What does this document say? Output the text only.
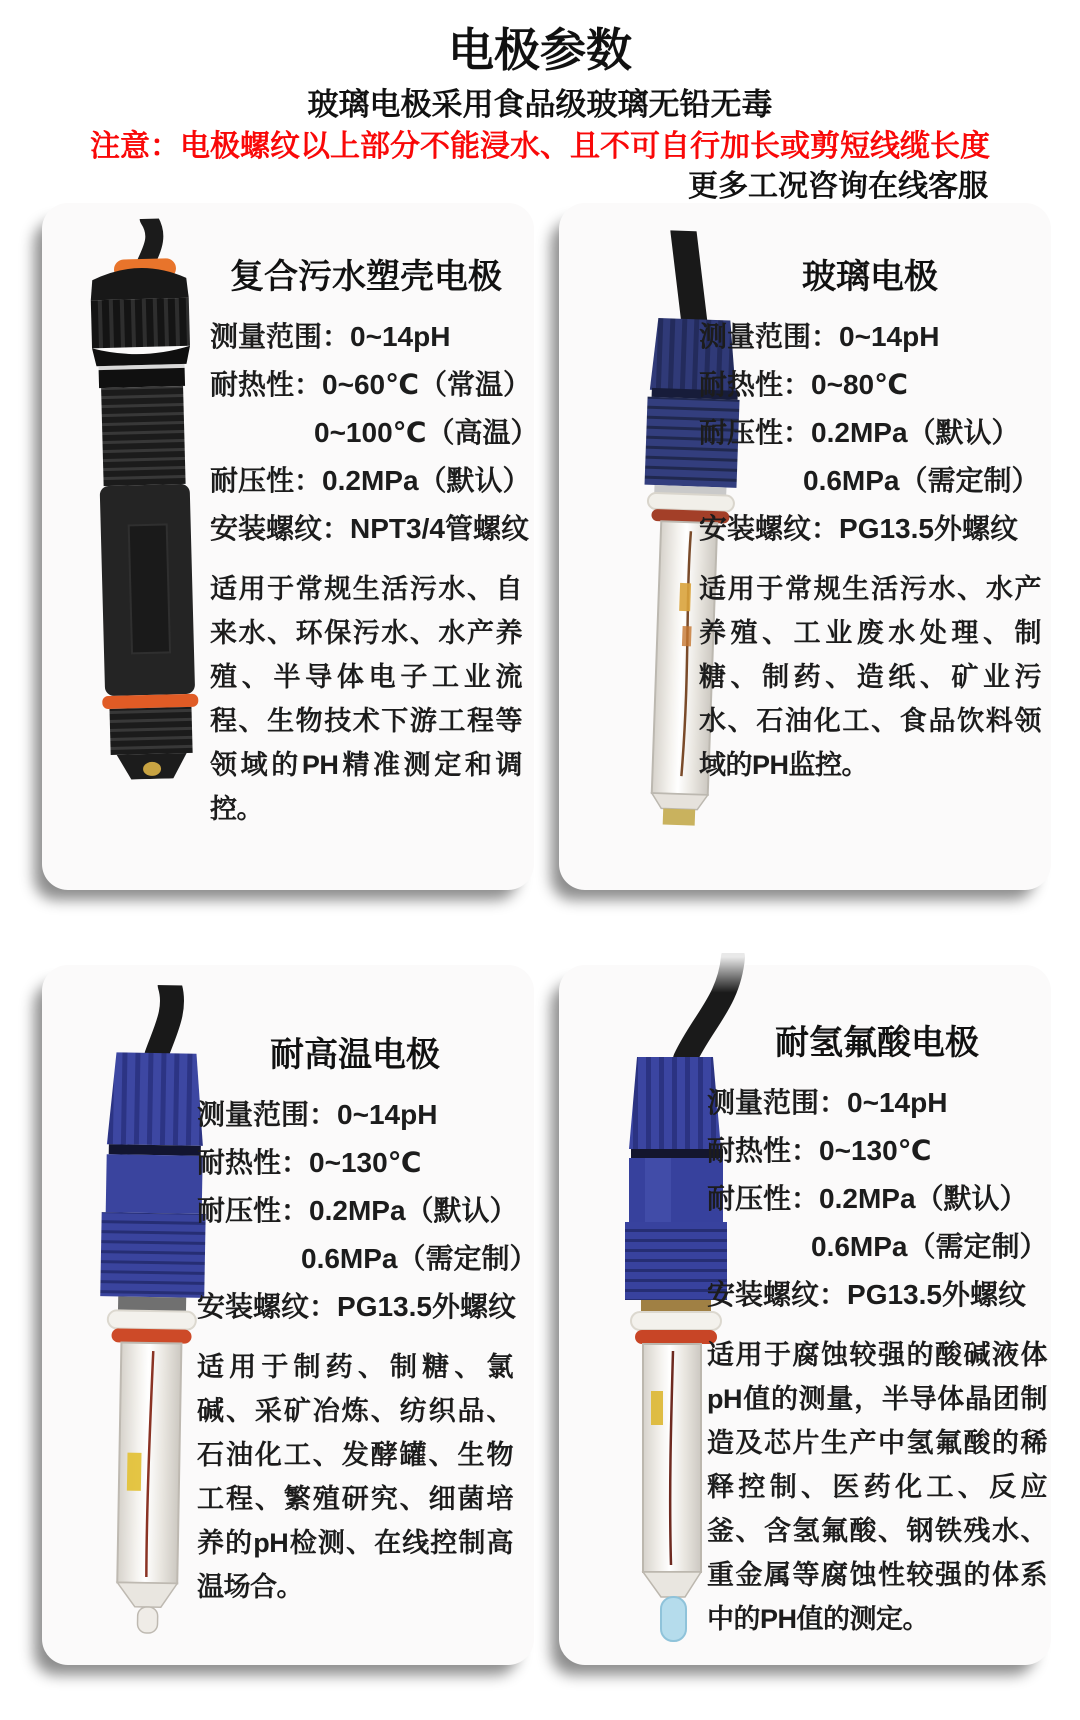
电极参数

玻璃电极采用食品级玻璃无铅无毒

注意：电极螺纹以上部分不能浸水、且不可自行加长或剪短线缆长度

更多工况咨询在线客服

复合污水塑壳电极
测量范围：0~14pH
耐热性：0~60℃（常温）
0~100℃（高温）
耐压性：0.2MPa（默认）
安装螺纹：NPT3/4管螺纹

适用于常规生活污水、自来水、环保污水、水产养殖、半导体电子工业流程、生物技术下游工程等领域的PH精准测定和调控。

玻璃电极
测量范围：0~14pH
耐热性：0~80℃
耐压性：0.2MPa（默认）
0.6MPa（需定制）
安装螺纹：PG13.5外螺纹

适用于常规生活污水、水产养殖、工业废水处理、制糖、制药、造纸、矿业污水、石油化工、食品饮料领域的PH监控。

耐高温电极
测量范围：0~14pH
耐热性：0~130℃
耐压性：0.2MPa（默认）
0.6MPa（需定制）
安装螺纹：PG13.5外螺纹

适用于制药、制糖、氯碱、采矿冶炼、纺织品、石油化工、发酵罐、生物工程、繁殖研究、细菌培养的pH检测、在线控制高温场合。

耐氢氟酸电极
测量范围：0~14pH
耐热性：0~130℃
耐压性：0.2MPa（默认）
0.6MPa（需定制）
安装螺纹：PG13.5外螺纹

适用于腐蚀较强的酸碱液体pH值的测量，半导体晶团制造及芯片生产中氢氟酸的稀释控制、医药化工、反应釜、含氢氟酸、钢铁残水、重金属等腐蚀性较强的体系中的PH值的测定。
